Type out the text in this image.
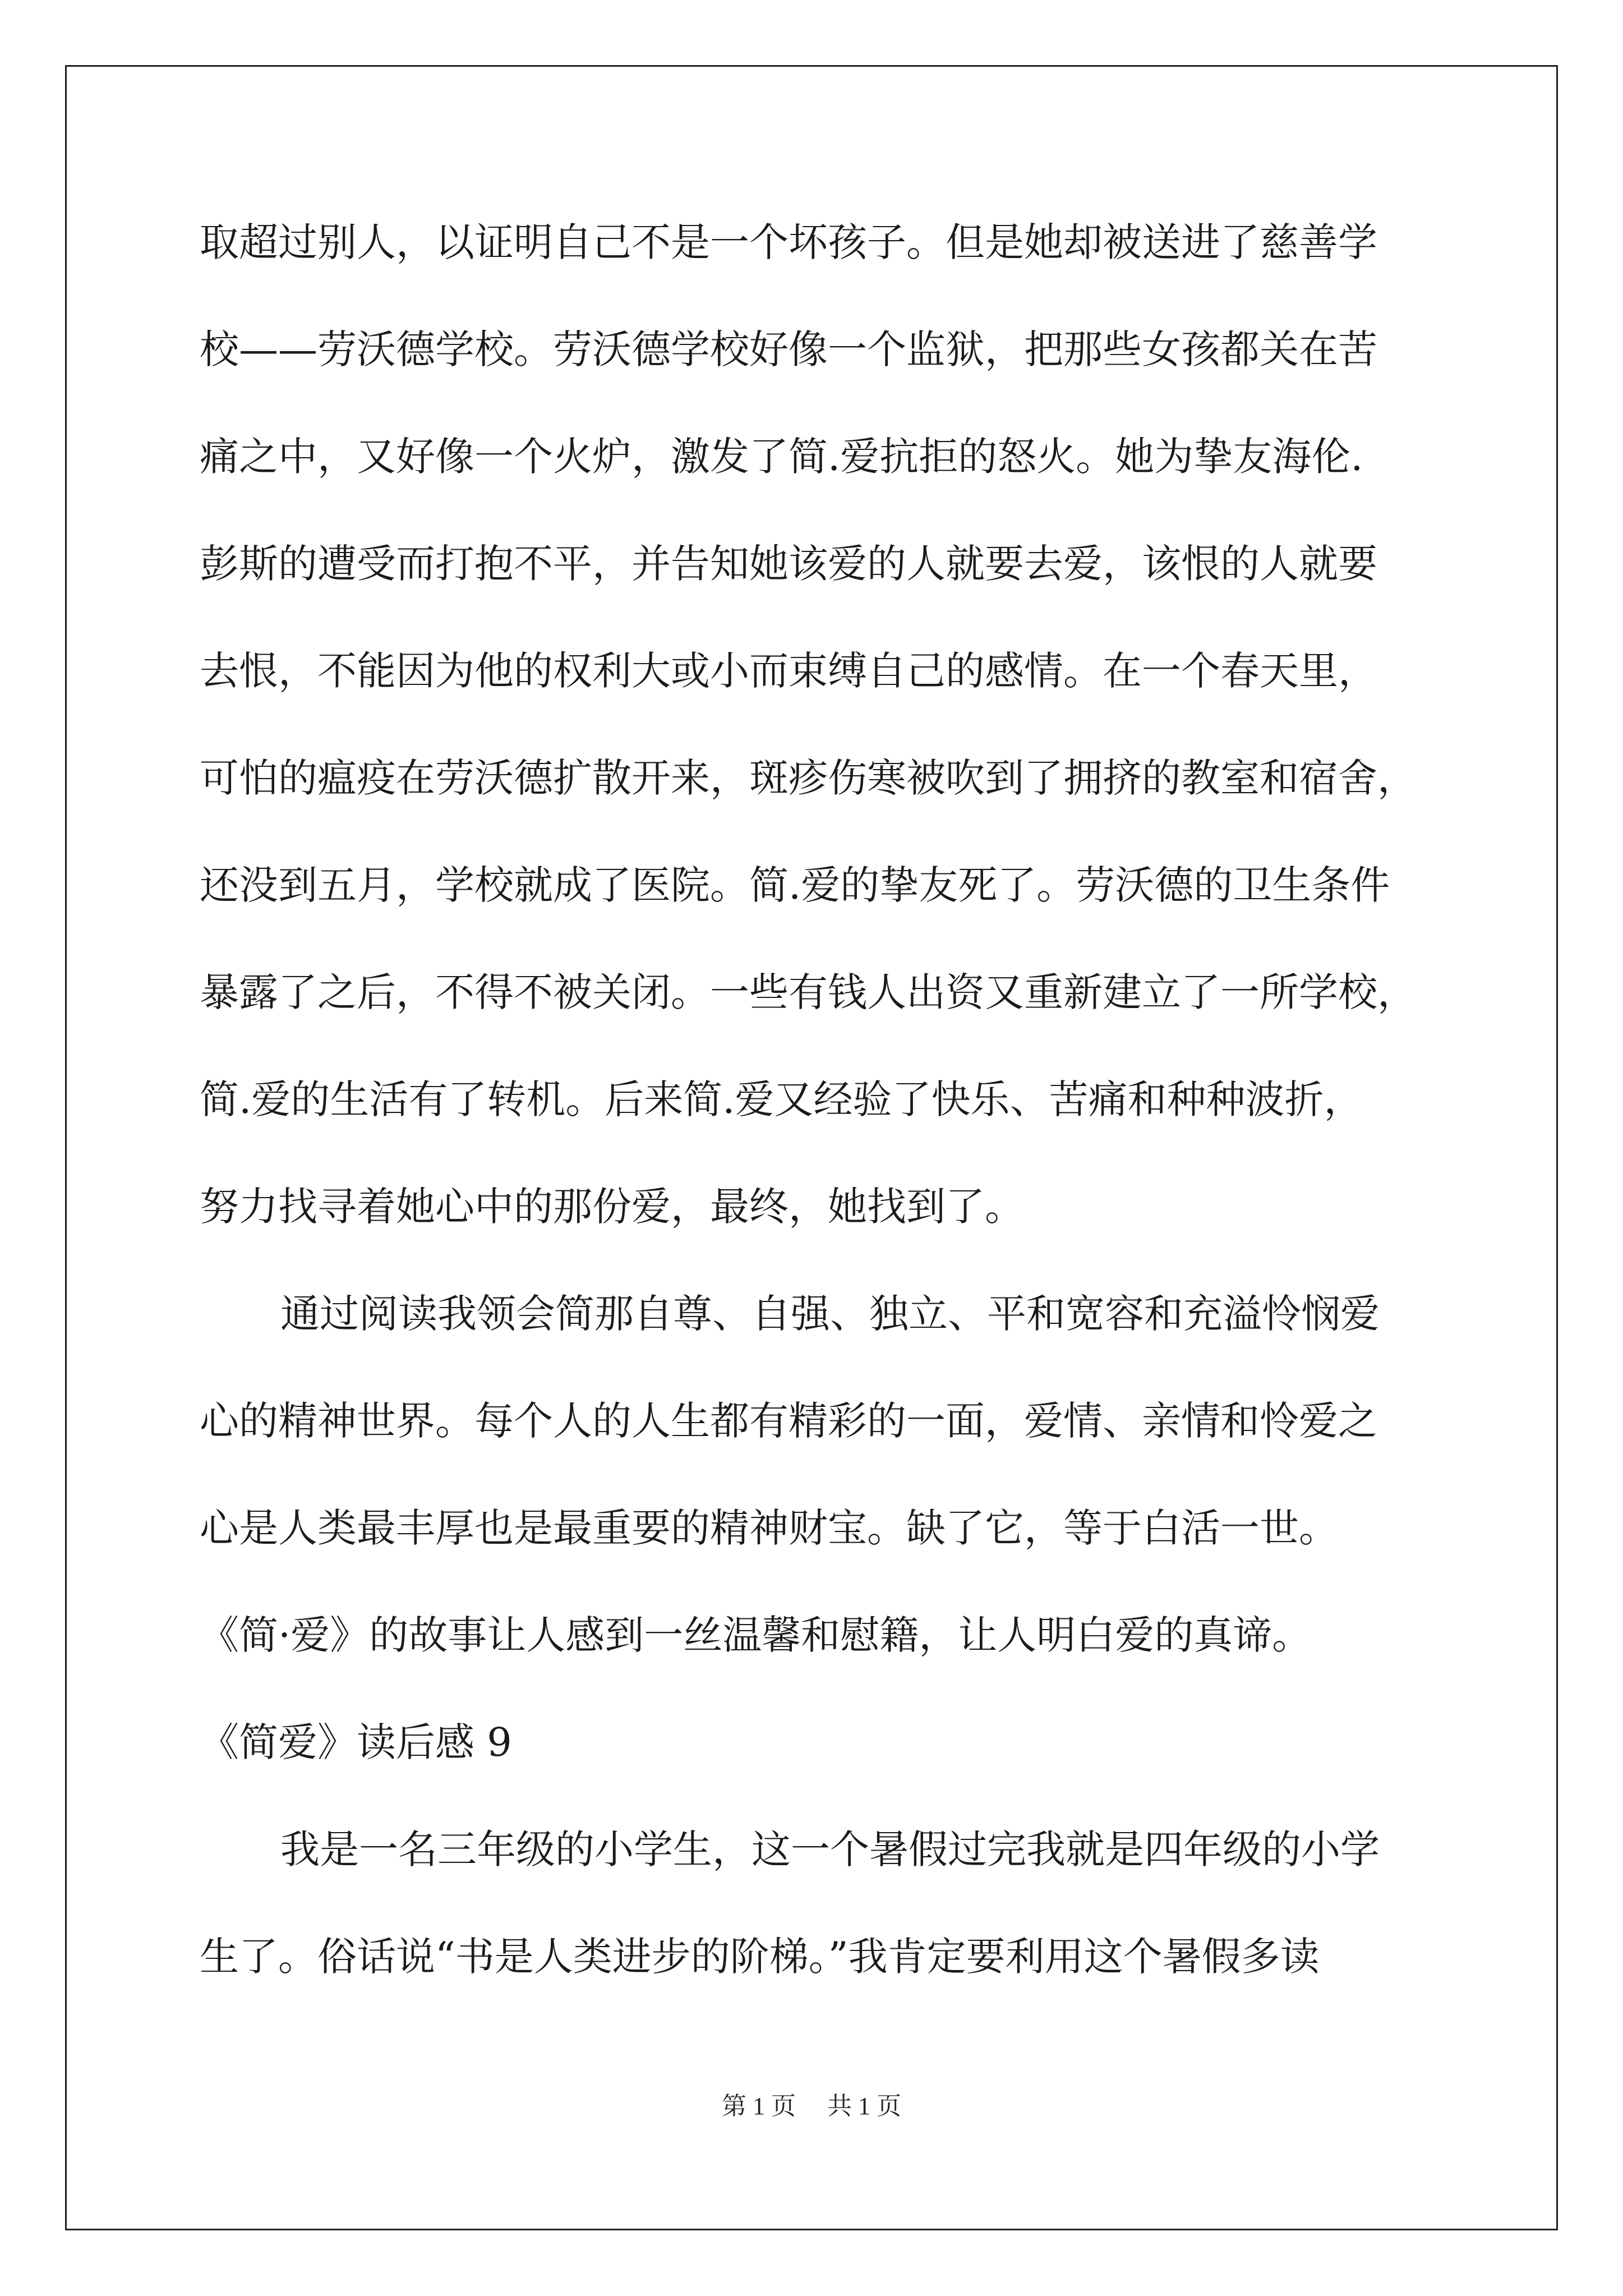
取超过别人，以证明自己不是一个坏孩子。但是她却被送进了慈善学
校——劳沃德学校。劳沃德学校好像一个监狱，把那些女孩都关在苦
痛之中，又好像一个火炉，激发了简.爱抗拒的怒火。她为挚友海伦.
彭斯的遭受而打抱不平，并告知她该爱的人就要去爱，该恨的人就要
去恨，不能因为他的权利大或小而束缚自己的感情。在一个春天里，
可怕的瘟疫在劳沃德扩散开来，斑疹伤寒被吹到了拥挤的教室和宿舍，
还没到五月，学校就成了医院。简.爱的挚友死了。劳沃德的卫生条件
暴露了之后，不得不被关闭。一些有钱人出资又重新建立了一所学校，
简.爱的生活有了转机。后来简.爱又经验了快乐、苦痛和种种波折，
努力找寻着她心中的那份爱，最终，她找到了。
通过阅读我领会简那自尊、自强、独立、平和宽容和充溢怜悯爱
心的精神世界。每个人的人生都有精彩的一面，爱情、亲情和怜爱之
心是人类最丰厚也是最重要的精神财宝。缺了它，等于白活一世。
《简·爱》的故事让人感到一丝温馨和慰籍，让人明白爱的真谛。
《简爱》读后感 9
我是一名三年级的小学生，这一个暑假过完我就是四年级的小学
生了。俗话说“书是人类进步的阶梯。”我肯定要利用这个暑假多读
第 1 页 共 1 页
